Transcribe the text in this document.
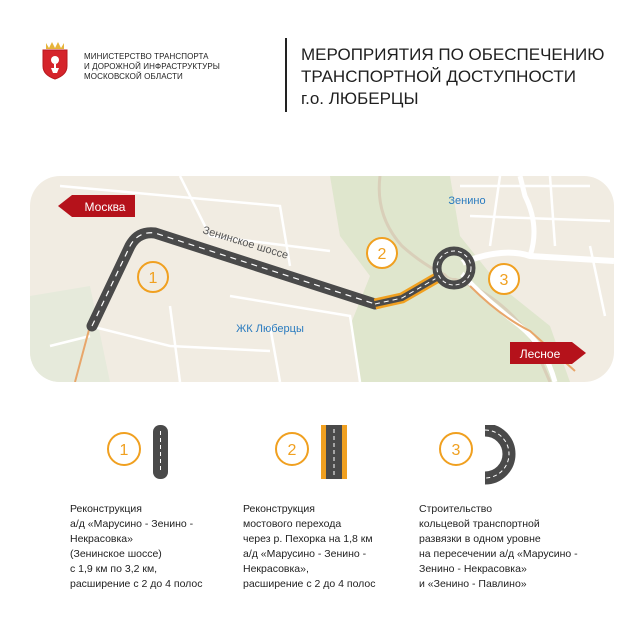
МИНИСТЕРСТВО ТРАНСПОРТА
И ДОРОЖНОЙ ИНФРАСТРУКТУРЫ
МОСКОВСКОЙ ОБЛАСТИ
МЕРОПРИЯТИЯ ПО ОБЕСПЕЧЕНИЮ
ТРАНСПОРТНОЙ ДОСТУПНОСТИ
г.о. ЛЮБЕРЦЫ
Москва
Лесное
Зенино
ЖК Люберцы
Зенинское шоссе
1
2
3
1	2	3
Реконструкция
а/д «Марусино - Зенино -
Некрасовка»
(Зенинское шоссе)
с 1,9 км по 3,2 км,
расширение с 2 до 4 полос
Реконструкция
мостового перехода
через р. Пехорка на 1,8 км
а/д «Марусино - Зенино -
Некрасовка»,
расширение с 2 до 4 полос
Строительство
кольцевой транспортной
развязки в одном уровне
на пересечении а/д «Марусино -
Зенино - Некрасовка»
и «Зенино - Павлино»
